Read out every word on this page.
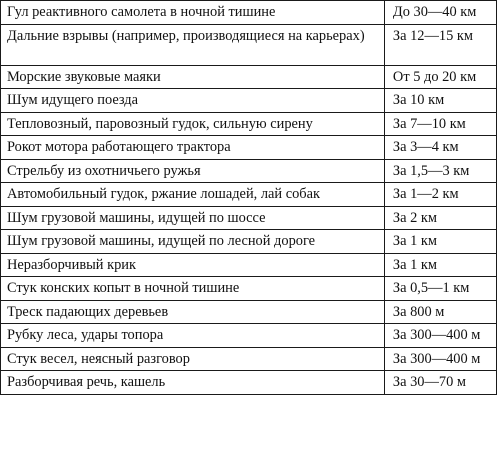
Гул реактивного самолета в ночной тишине	До 30—40 км
Дальние взрывы (например, производящиеся на карьерах)	За 12—15 км
Морские звуковые маяки	От 5 до 20 км
Шум идущего поезда	За 10 км
Тепловозный, паровозный гудок, сильную сирену	За 7—10 км
Рокот мотора работающего трактора	За 3—4 км
Стрельбу из охотничьего ружья	За 1,5—3 км
Автомобильный гудок, ржание лошадей, лай собак	За 1—2 км
Шум грузовой машины, идущей по шоссе	За 2 км
Шум грузовой машины, идущей по лесной дороге	За 1 км
Неразборчивый крик	За 1 км
Стук конских копыт в ночной тишине	За 0,5—1 км
Треск падающих деревьев	За 800 м
Рубку леса, удары топора	За 300—400 м
Стук весел, неясный разговор	За 300—400 м
Разборчивая речь, кашель	За 30—70 м
